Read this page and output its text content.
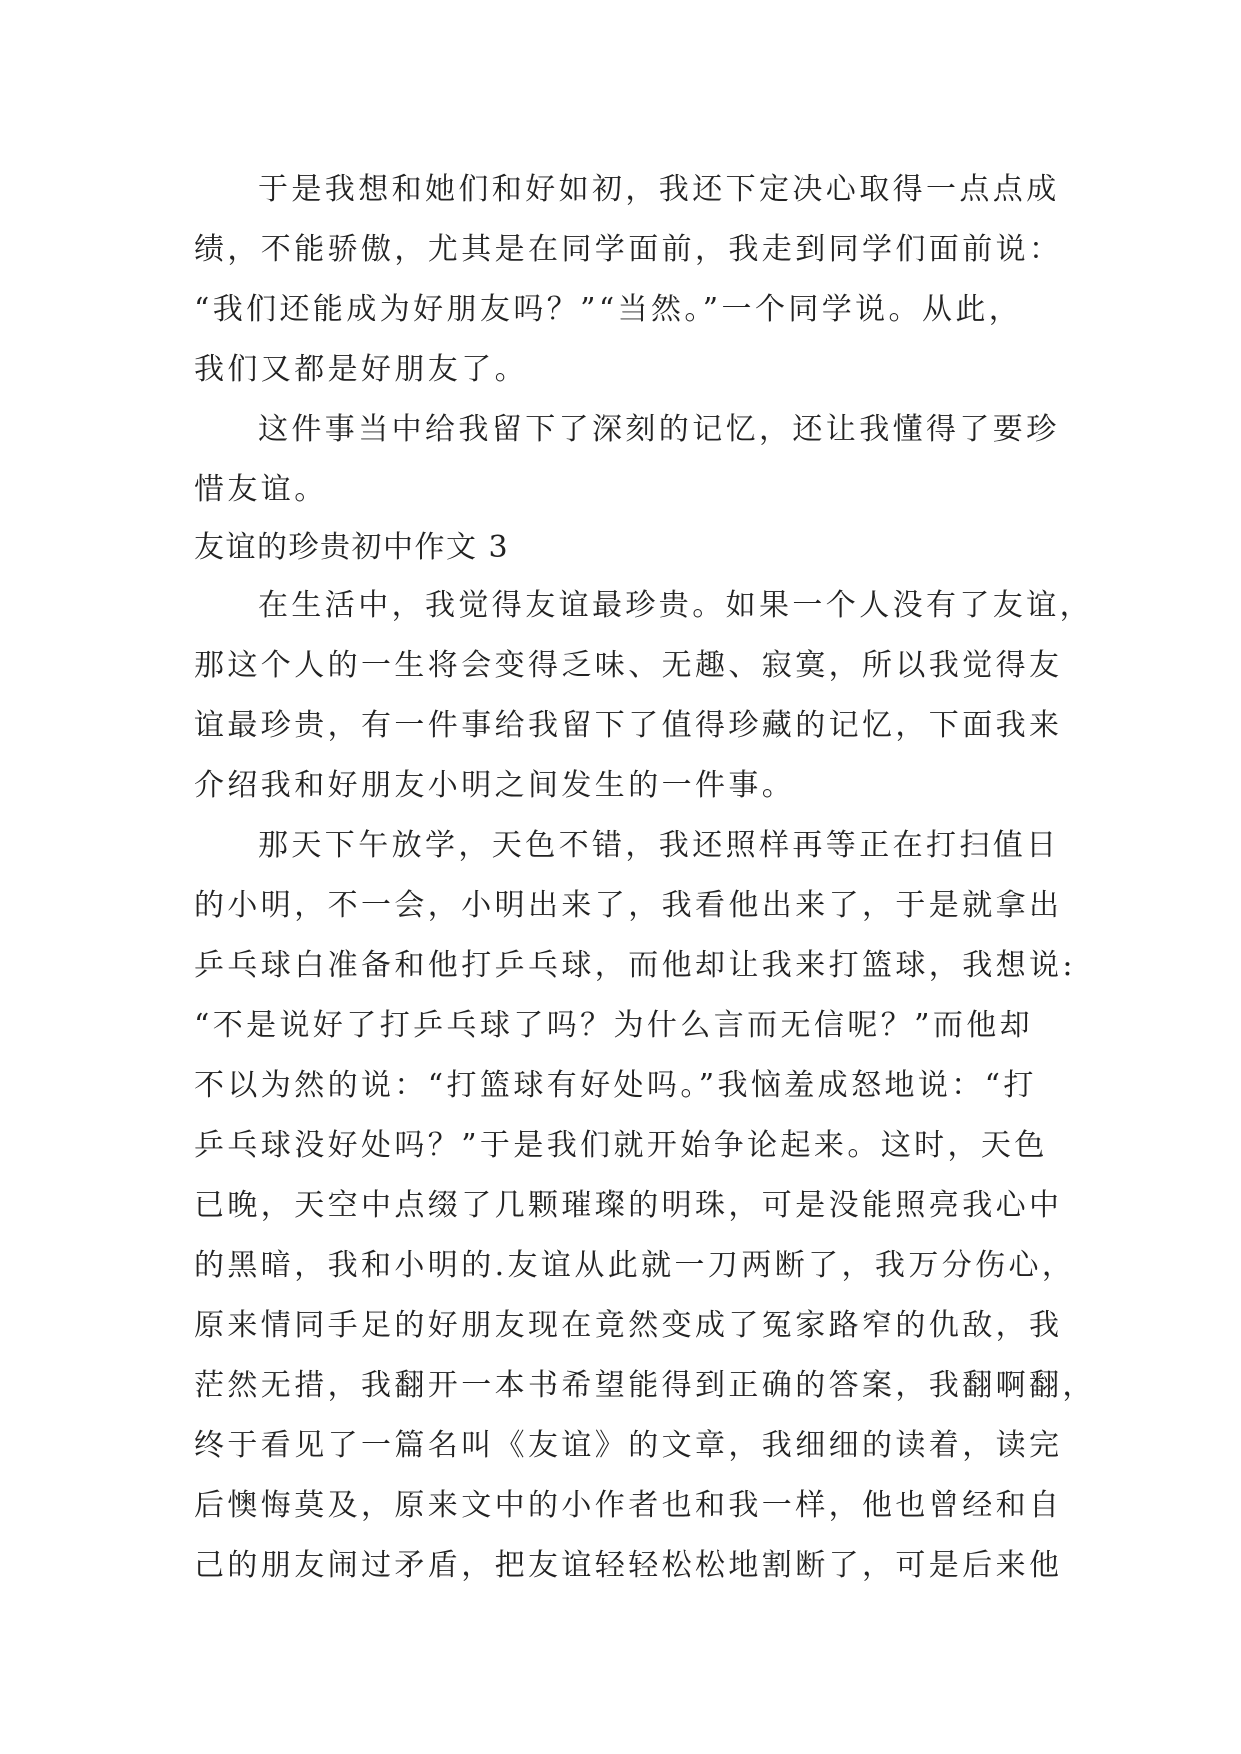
于是我想和她们和好如初，我还下定决心取得一点点成
绩，不能骄傲，尤其是在同学面前，我走到同学们面前说：
“我们还能成为好朋友吗？”“当然。”一个同学说。从此，
我们又都是好朋友了。
这件事当中给我留下了深刻的记忆，还让我懂得了要珍
惜友谊。
友谊的珍贵初中作文 3
在生活中，我觉得友谊最珍贵。如果一个人没有了友谊，
那这个人的一生将会变得乏味、无趣、寂寞，所以我觉得友
谊最珍贵，有一件事给我留下了值得珍藏的记忆，下面我来
介绍我和好朋友小明之间发生的一件事。
那天下午放学，天色不错，我还照样再等正在打扫值日
的小明，不一会，小明出来了，我看他出来了，于是就拿出
乒乓球白准备和他打乒乓球，而他却让我来打篮球，我想说:
“不是说好了打乒乓球了吗？为什么言而无信呢？”而他却
不以为然的说：“打篮球有好处吗。”我恼羞成怒地说：“打
乒乓球没好处吗？”于是我们就开始争论起来。这时，天色
已晚，天空中点缀了几颗璀璨的明珠，可是没能照亮我心中
的黑暗，我和小明的.友谊从此就一刀两断了，我万分伤心，
原来情同手足的好朋友现在竟然变成了冤家路窄的仇敌，我
茫然无措，我翻开一本书希望能得到正确的答案，我翻啊翻，
终于看见了一篇名叫《友谊》的文章，我细细的读着，读完
后懊悔莫及，原来文中的小作者也和我一样，他也曾经和自
己的朋友闹过矛盾，把友谊轻轻松松地割断了，可是后来他
